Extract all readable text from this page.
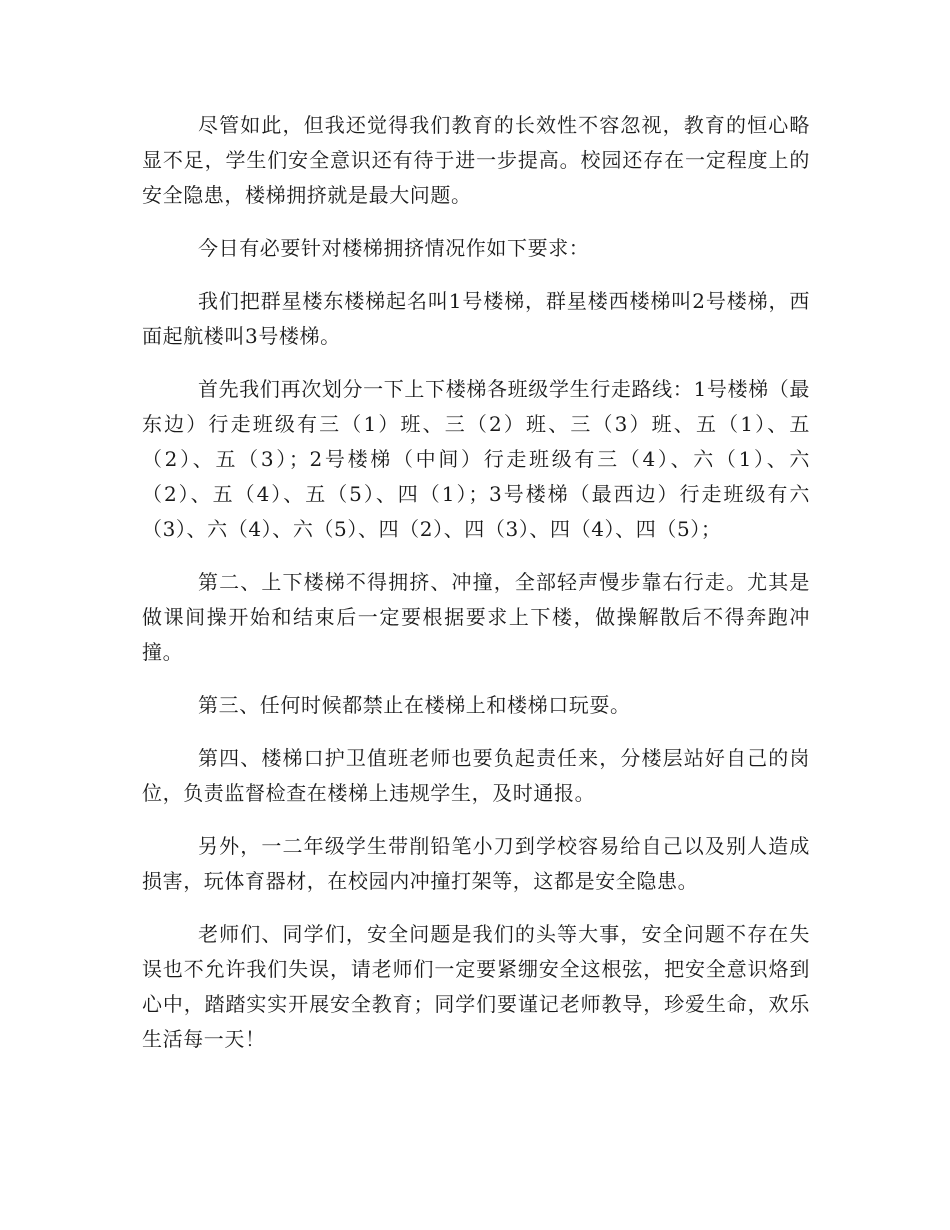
尽管如此，但我还觉得我们教育的长效性不容忽视，教育的恒心略显不足，学生们安全意识还有待于进一步提高。校园还存在一定程度上的安全隐患，楼梯拥挤就是最大问题。

今日有必要针对楼梯拥挤情况作如下要求：

我们把群星楼东楼梯起名叫1号楼梯，群星楼西楼梯叫2号楼梯，西面起航楼叫3号楼梯。

首先我们再次划分一下上下楼梯各班级学生行走路线：1号楼梯（最东边）行走班级有三（1）班、三（2）班、三（3）班、五（1）、五（2）、五（3）；2号楼梯（中间）行走班级有三（4）、六（1）、六（2）、五（4）、五（5）、四（1）；3号楼梯（最西边）行走班级有六（3）、六（4）、六（5）、四（2）、四（3）、四（4）、四（5）；

第二、上下楼梯不得拥挤、冲撞，全部轻声慢步靠右行走。尤其是做课间操开始和结束后一定要根据要求上下楼，做操解散后不得奔跑冲撞。

第三、任何时候都禁止在楼梯上和楼梯口玩耍。

第四、楼梯口护卫值班老师也要负起责任来，分楼层站好自己的岗位，负责监督检查在楼梯上违规学生，及时通报。

另外，一二年级学生带削铅笔小刀到学校容易给自己以及别人造成损害，玩体育器材，在校园内冲撞打架等，这都是安全隐患。

老师们、同学们，安全问题是我们的头等大事，安全问题不存在失误也不允许我们失误，请老师们一定要紧绷安全这根弦，把安全意识烙到心中，踏踏实实开展安全教育；同学们要谨记老师教导，珍爱生命，欢乐生活每一天！
